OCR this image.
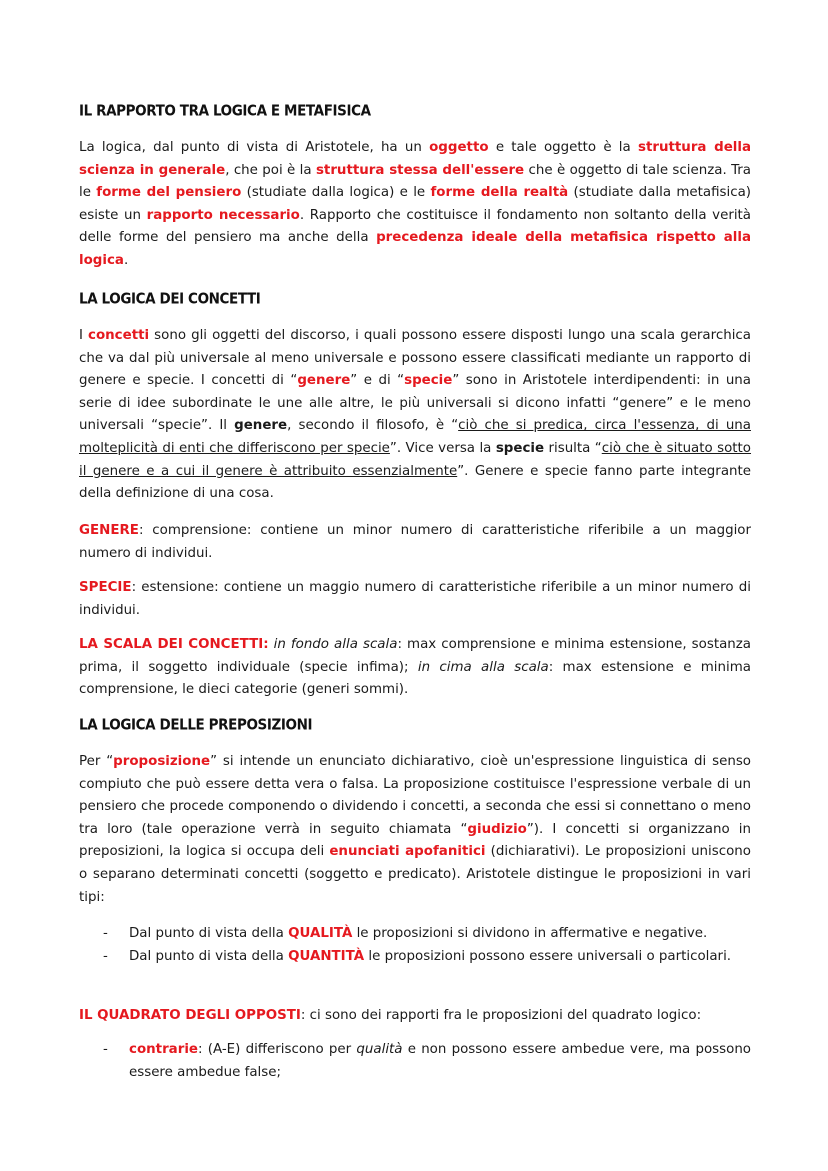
IL RAPPORTO TRA LOGICA E METAFISICA

La logica, dal punto di vista di Aristotele, ha un oggetto e tale oggetto è la struttura della scienza in generale, che poi è la struttura stessa dell'essere che è oggetto di tale scienza. Tra le forme del pensiero (studiate dalla logica) e le forme della realtà (studiate dalla metafisica) esiste un rapporto necessario. Rapporto che costituisce il fondamento non soltanto della verità delle forme del pensiero ma anche della precedenza ideale della metafisica rispetto alla logica.

LA LOGICA DEI CONCETTI

I concetti sono gli oggetti del discorso, i quali possono essere disposti lungo una scala gerarchica che va dal più universale al meno universale e possono essere classificati mediante un rapporto di genere e specie. I concetti di “genere” e di “specie” sono in Aristotele interdipendenti: in una serie di idee subordinate le une alle altre, le più universali si dicono infatti “genere” e le meno universali “specie”. Il genere, secondo il filosofo, è “ciò che si predica, circa l'essenza, di una molteplicità di enti che differiscono per specie”. Vice versa la specie risulta “ciò che è situato sotto il genere e a cui il genere è attribuito essenzialmente”. Genere e specie fanno parte integrante della definizione di una cosa.

GENERE: comprensione: contiene un minor numero di caratteristiche riferibile a un maggior numero di individui.

SPECIE: estensione: contiene un maggio numero di caratteristiche riferibile a un minor numero di individui.

LA SCALA DEI CONCETTI: in fondo alla scala: max comprensione e minima estensione, sostanza prima, il soggetto individuale (specie infima); in cima alla scala: max estensione e minima comprensione, le dieci categorie (generi sommi).

LA LOGICA DELLE PREPOSIZIONI

Per “proposizione” si intende un enunciato dichiarativo, cioè un'espressione linguistica di senso compiuto che può essere detta vera o falsa. La proposizione costituisce l'espressione verbale di un pensiero che procede componendo o dividendo i concetti, a seconda che essi si connettano o meno tra loro (tale operazione verrà in seguito chiamata “giudizio”). I concetti si organizzano in preposizioni, la logica si occupa deli enunciati apofanitici (dichiarativi). Le proposizioni uniscono o separano determinati concetti (soggetto e predicato). Aristotele distingue le proposizioni in vari tipi:

- Dal punto di vista della QUALITÀ le proposizioni si dividono in affermative e negative.
- Dal punto di vista della QUANTITÀ le proposizioni possono essere universali o particolari.

IL QUADRATO DEGLI OPPOSTI: ci sono dei rapporti fra le proposizioni del quadrato logico:

- contrarie: (A-E) differiscono per qualità e non possono essere ambedue vere, ma possono essere ambedue false;
